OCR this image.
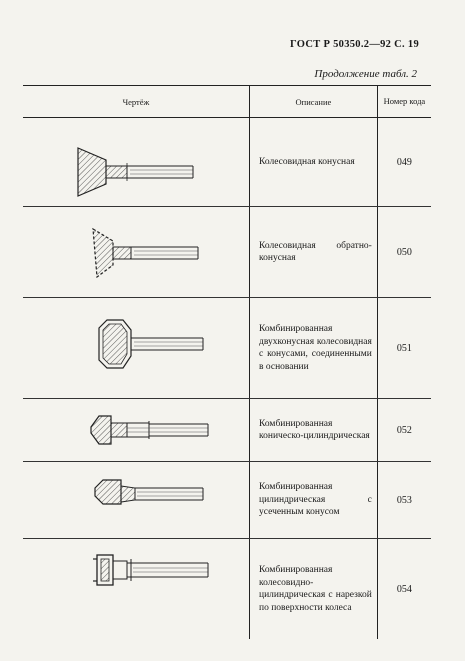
ГОСТ Р 50350.2—92 С. 19
Продолжение табл. 2
Чертёж	Описание	Номер кода

	Колесовидная конусная	049

	Колесовидная обратно-конусная	050

	Комбинированная двухконусная колесовидная с конусами, соединенными в основании	051

	Комбинированная коническо-цилиндрическая	052

	Комбинированная цилиндрическая с усеченным конусом	053

	Комбинированная колесовидно-цилиндрическая с нарезкой по поверхности колеса	054
